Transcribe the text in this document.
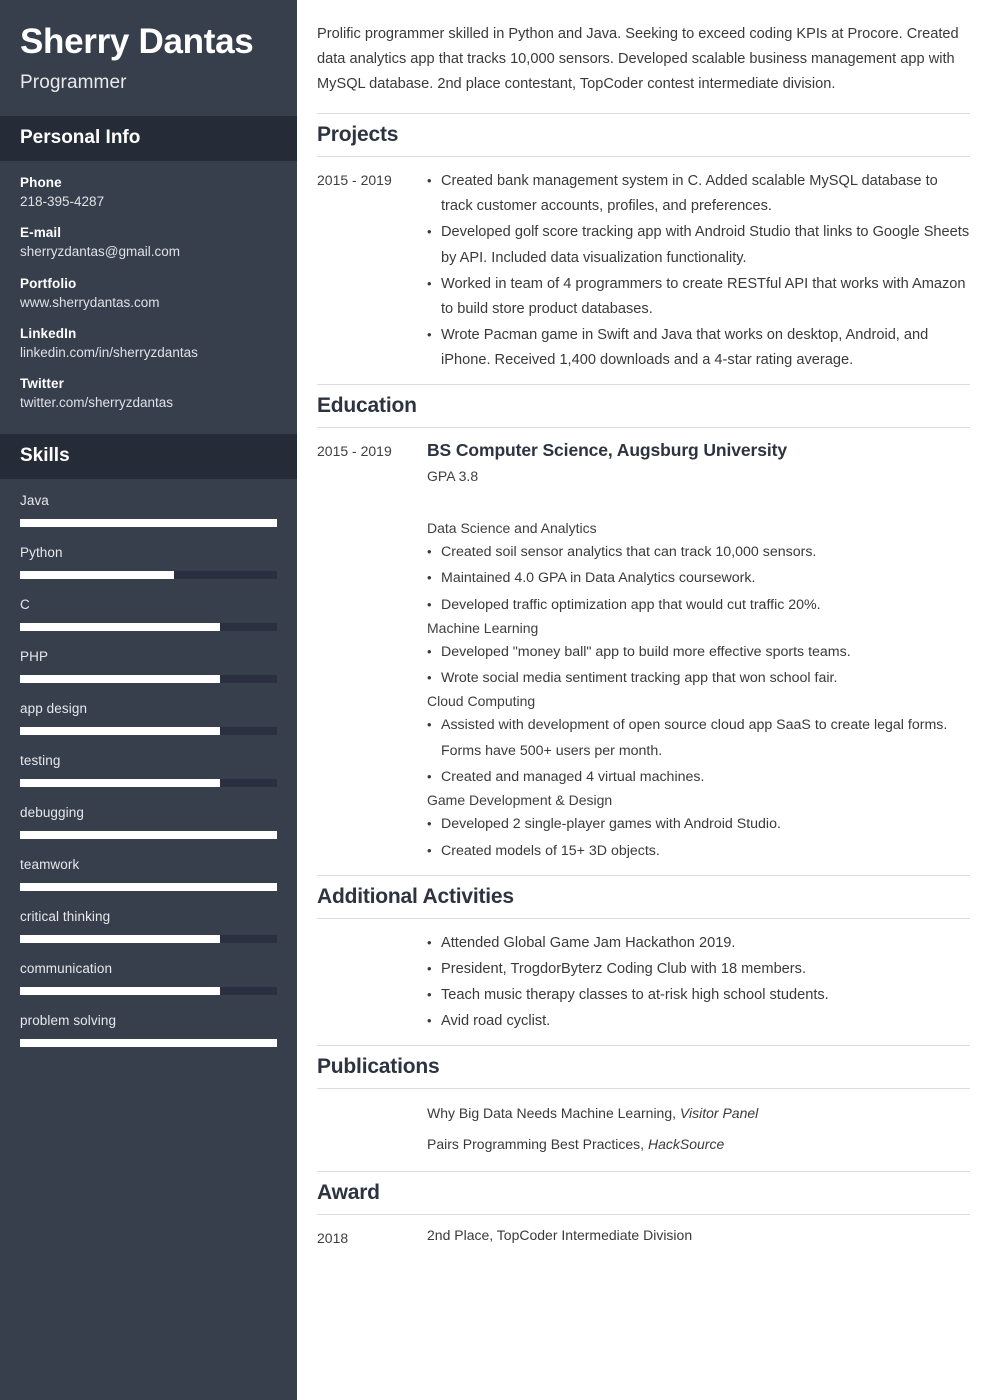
Sherry Dantas
Programmer
Personal Info
Phone
218-395-4287
E-mail
sherryzdantas@gmail.com
Portfolio
www.sherrydantas.com
LinkedIn
linkedin.com/in/sherryzdantas
Twitter
twitter.com/sherryzdantas
Skills
Java
Python
C
PHP
app design
testing
debugging
teamwork
critical thinking
communication
problem solving

Prolific programmer skilled in Python and Java. Seeking to exceed coding KPIs at Procore. Created data analytics app that tracks 10,000 sensors. Developed scalable business management app with MySQL database. 2nd place contestant, TopCoder contest intermediate division.

Projects
2015 - 2019	• Created bank management system in C. Added scalable MySQL database to track customer accounts, profiles, and preferences.
• Developed golf score tracking app with Android Studio that links to Google Sheets by API. Included data visualization functionality.
• Worked in team of 4 programmers to create RESTful API that works with Amazon to build store product databases.
• Wrote Pacman game in Swift and Java that works on desktop, Android, and iPhone. Received 1,400 downloads and a 4-star rating average.
Education
2015 - 2019	BS Computer Science, Augsburg University
GPA 3.8
Data Science and Analytics
• Created soil sensor analytics that can track 10,000 sensors.
• Maintained 4.0 GPA in Data Analytics coursework.
• Developed traffic optimization app that would cut traffic 20%.
Machine Learning
• Developed "money ball" app to build more effective sports teams.
• Wrote social media sentiment tracking app that won school fair.
Cloud Computing
• Assisted with development of open source cloud app SaaS to create legal forms. Forms have 500+ users per month.
• Created and managed 4 virtual machines.
Game Development & Design
• Developed 2 single-player games with Android Studio.
• Created models of 15+ 3D objects.
Additional Activities
• Attended Global Game Jam Hackathon 2019.
• President, TrogdorByterz Coding Club with 18 members.
• Teach music therapy classes to at-risk high school students.
• Avid road cyclist.
Publications
Why Big Data Needs Machine Learning, Visitor Panel
Pairs Programming Best Practices, HackSource
Award
2018	2nd Place, TopCoder Intermediate Division
